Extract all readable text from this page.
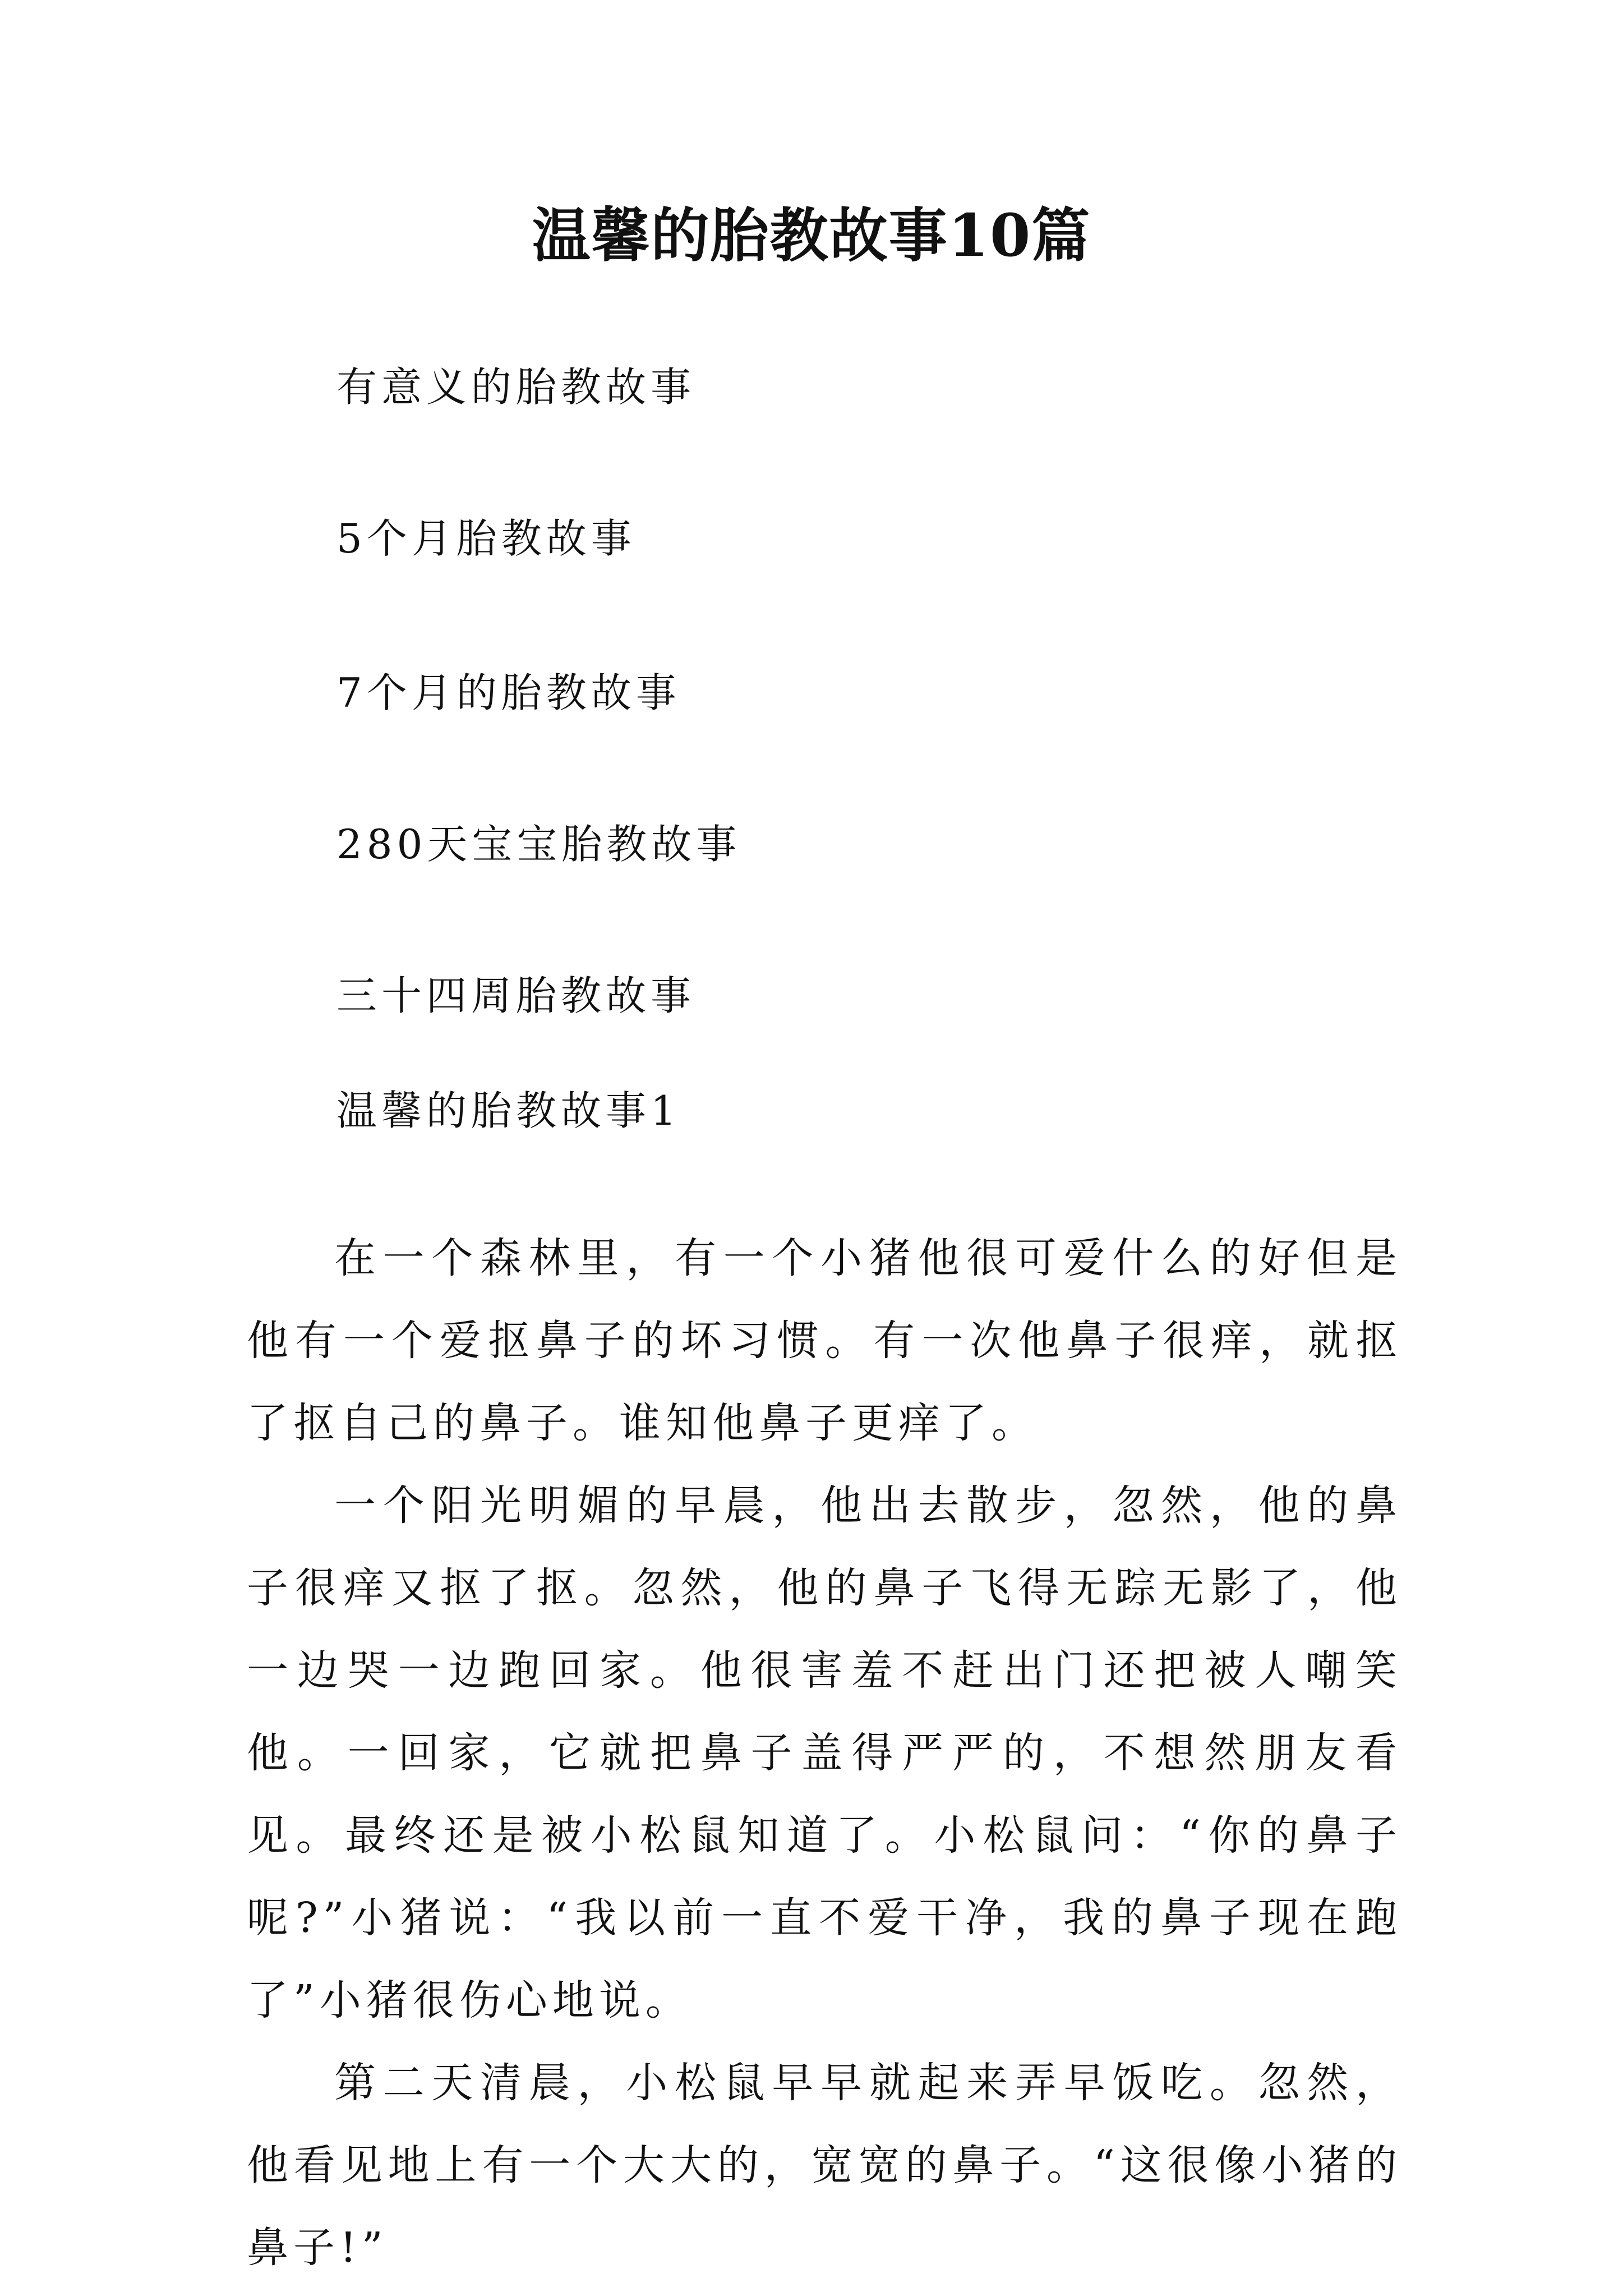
温馨的胎教故事10篇
有意义的胎教故事
5个月胎教故事
7个月的胎教故事
280天宝宝胎教故事
三十四周胎教故事
温馨的胎教故事1

在一个森林里，有一个小猪他很可爱什么的好但是他有一个爱抠鼻子的坏习惯。有一次他鼻子很痒，就抠了抠自己的鼻子。谁知他鼻子更痒了。

一个阳光明媚的早晨，他出去散步，忽然，他的鼻子很痒又抠了抠。忽然，他的鼻子飞得无踪无影了，他一边哭一边跑回家。他很害羞不赶出门还把被人嘲笑他。一回家，它就把鼻子盖得严严的，不想然朋友看见。最终还是被小松鼠知道了。小松鼠问：“你的鼻子呢?”小猪说：“我以前一直不爱干净，我的鼻子现在跑了”小猪很伤心地说。

第二天清晨，小松鼠早早就起来弄早饭吃。忽然，他看见地上有一个大大的，宽宽的鼻子。“这很像小猪的鼻子!”
